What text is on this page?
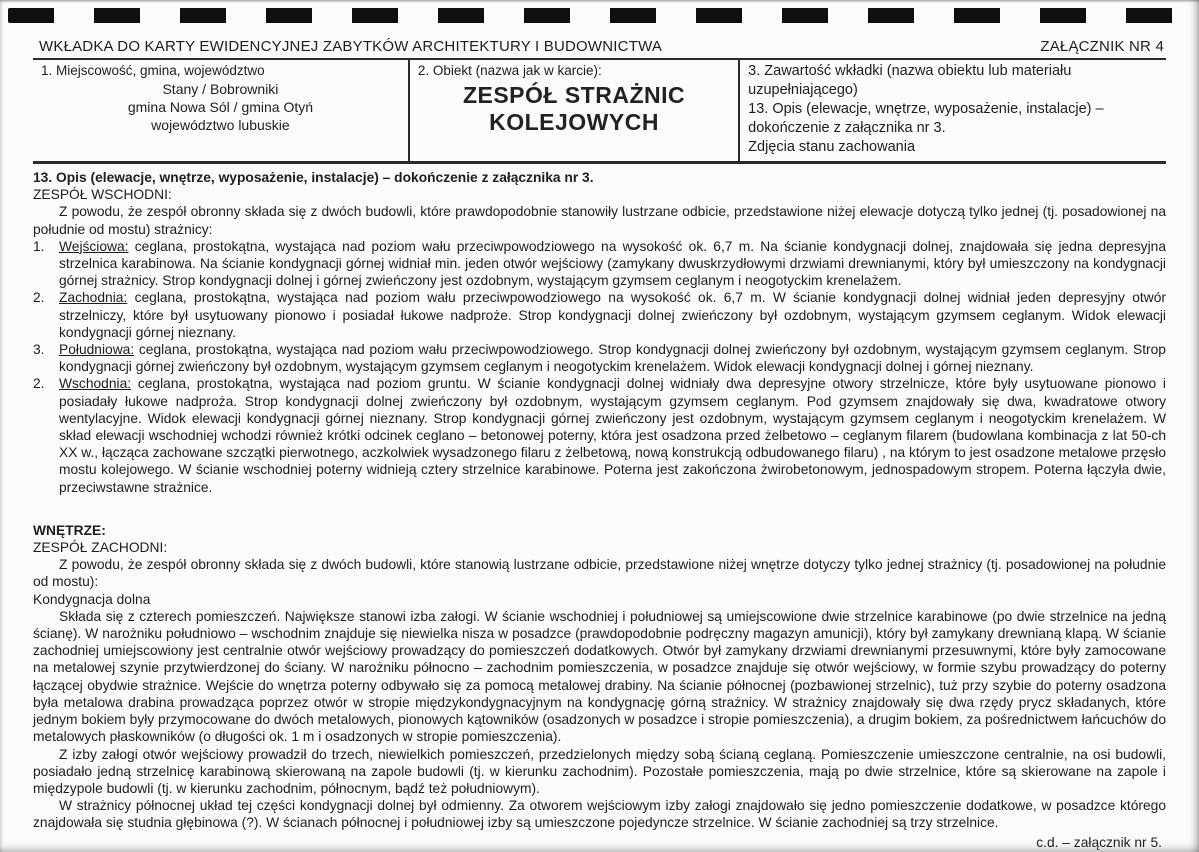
WKŁADKA DO KARTY EWIDENCYJNEJ ZABYTKÓW ARCHITEKTURY I BUDOWNICTWA	ZAŁĄCZNIK NR 4
1. Miejscowość, gmina, województwo
Stany / Bobrowniki
gmina Nowa Sól / gmina Otyń
województwo lubuskie

2. Obiekt (nazwa jak w karcie):
ZESPÓŁ STRAŻNIC
KOLEJOWYCH

3. Zawartość wkładki (nazwa obiektu lub materiału uzupełniającego)
13. Opis (elewacje, wnętrze, wyposażenie, instalacje) – dokończenie z załącznika nr 3.
Zdjęcia stanu zachowania

13. Opis (elewacje, wnętrze, wyposażenie, instalacje) – dokończenie z załącznika nr 3.

ZESPÓŁ WSCHODNI:

Z powodu, że zespół obronny składa się z dwóch budowli, które prawdopodobnie stanowiły lustrzane odbicie, przedstawione niżej elewacje dotyczą tylko jednej (tj. posadowionej na południe od mostu) strażnicy:

1.	Wejściowa: ceglana, prostokątna, wystająca nad poziom wału przeciwpowodziowego na wysokość ok. 6,7 m. Na ścianie kondygnacji dolnej, znajdowała się jedna depresyjna strzelnica karabinowa. Na ścianie kondygnacji górnej widniał min. jeden otwór wejściowy (zamykany dwuskrzydłowymi drzwiami drewnianymi, który był umieszczony na kondygnacji górnej strażnicy. Strop kondygnacji dolnej i górnej zwieńczony jest ozdobnym, wystającym gzymsem ceglanym i neogotyckim krenelażem.
2.	Zachodnia: ceglana, prostokątna, wystająca nad poziom wału przeciwpowodziowego na wysokość ok. 6,7 m. W ścianie kondygnacji dolnej widniał jeden depresyjny otwór strzelniczy, które był usytuowany pionowo i posiadał łukowe nadproże. Strop kondygnacji dolnej zwieńczony był ozdobnym, wystającym gzymsem ceglanym. Widok elewacji kondygnacji górnej nieznany.
3.	Południowa: ceglana, prostokątna, wystająca nad poziom wału przeciwpowodziowego. Strop kondygnacji dolnej zwieńczony był ozdobnym, wystającym gzymsem ceglanym. Strop kondygnacji górnej zwieńczony był ozdobnym, wystającym gzymsem ceglanym i neogotyckim krenelażem. Widok elewacji kondygnacji dolnej i górnej nieznany.
2.	Wschodnia: ceglana, prostokątna, wystająca nad poziom gruntu. W ścianie kondygnacji dolnej widniały dwa depresyjne otwory strzelnicze, które były usytuowane pionowo i posiadały łukowe nadproża. Strop kondygnacji dolnej zwieńczony był ozdobnym, wystającym gzymsem ceglanym. Pod gzymsem znajdowały się dwa, kwadratowe otwory wentylacyjne. Widok elewacji kondygnacji górnej nieznany. Strop kondygnacji górnej zwieńczony jest ozdobnym, wystającym gzymsem ceglanym i neogotyckim krenelażem. W skład elewacji wschodniej wchodzi również krótki odcinek ceglano – betonowej poterny, która jest osadzona przed żelbetowo – ceglanym filarem (budowlana kombinacja z lat 50-ch XX w., łącząca zachowane szczątki pierwotnego, aczkolwiek wysadzonego filaru z żelbetową, nową konstrukcją odbudowanego filaru) , na którym to jest osadzone metalowe przęsło mostu kolejowego. W ścianie wschodniej poterny widnieją cztery strzelnice karabinowe. Poterna jest zakończona żwirobetonowym, jednospadowym stropem. Poterna łączyła dwie, przeciwstawne strażnice.

WNĘTRZE:

ZESPÓŁ ZACHODNI:

Z powodu, że zespół obronny składa się z dwóch budowli, które stanowią lustrzane odbicie, przedstawione niżej wnętrze dotyczy tylko jednej strażnicy (tj. posadowionej na południe od mostu):

Kondygnacja dolna

Składa się z czterech pomieszczeń. Największe stanowi izba załogi. W ścianie wschodniej i południowej są umiejscowione dwie strzelnice karabinowe (po dwie strzelnice na jedną ścianę). W narożniku południowo – wschodnim znajduje się niewielka nisza w posadzce (prawdopodobnie podręczny magazyn amunicji), który był zamykany drewnianą klapą. W ścianie zachodniej umiejscowiony jest centralnie otwór wejściowy prowadzący do pomieszczeń dodatkowych. Otwór był zamykany drzwiami drewnianymi przesuwnymi, które były zamocowane na metalowej szynie przytwierdzonej do ściany. W narożniku północno – zachodnim pomieszczenia, w posadzce znajduje się otwór wejściowy, w formie szybu prowadzący do poterny łączącej obydwie strażnice. Wejście do wnętrza poterny odbywało się za pomocą metalowej drabiny. Na ścianie północnej (pozbawionej strzelnic), tuż przy szybie do poterny osadzona była metalowa drabina prowadząca poprzez otwór w stropie międzykondygnacyjnym na kondygnację górną strażnicy. W strażnicy znajdowały się dwa rzędy prycz składanych, które jednym bokiem były przymocowane do dwóch metalowych, pionowych kątowników (osadzonych w posadzce i stropie pomieszczenia), a drugim bokiem, za pośrednictwem łańcuchów do metalowych płaskowników (o długości ok. 1 m i osadzonych w stropie pomieszczenia).

Z izby załogi otwór wejściowy prowadził do trzech, niewielkich pomieszczeń, przedzielonych między sobą ścianą ceglaną. Pomieszczenie umieszczone centralnie, na osi budowli, posiadało jedną strzelnicę karabinową skierowaną na zapole budowli (tj. w kierunku zachodnim). Pozostałe pomieszczenia, mają po dwie strzelnice, które są skierowane na zapole i międzypole budowli (tj. w kierunku zachodnim, północnym, bądź też południowym).

W strażnicy północnej układ tej części kondygnacji dolnej był odmienny. Za otworem wejściowym izby załogi znajdowało się jedno pomieszczenie dodatkowe, w posadzce którego znajdowała się studnia głębinowa (?). W ścianach północnej i południowej izby są umieszczone pojedyncze strzelnice. W ścianie zachodniej są trzy strzelnice.

c.d. – załącznik nr 5.
